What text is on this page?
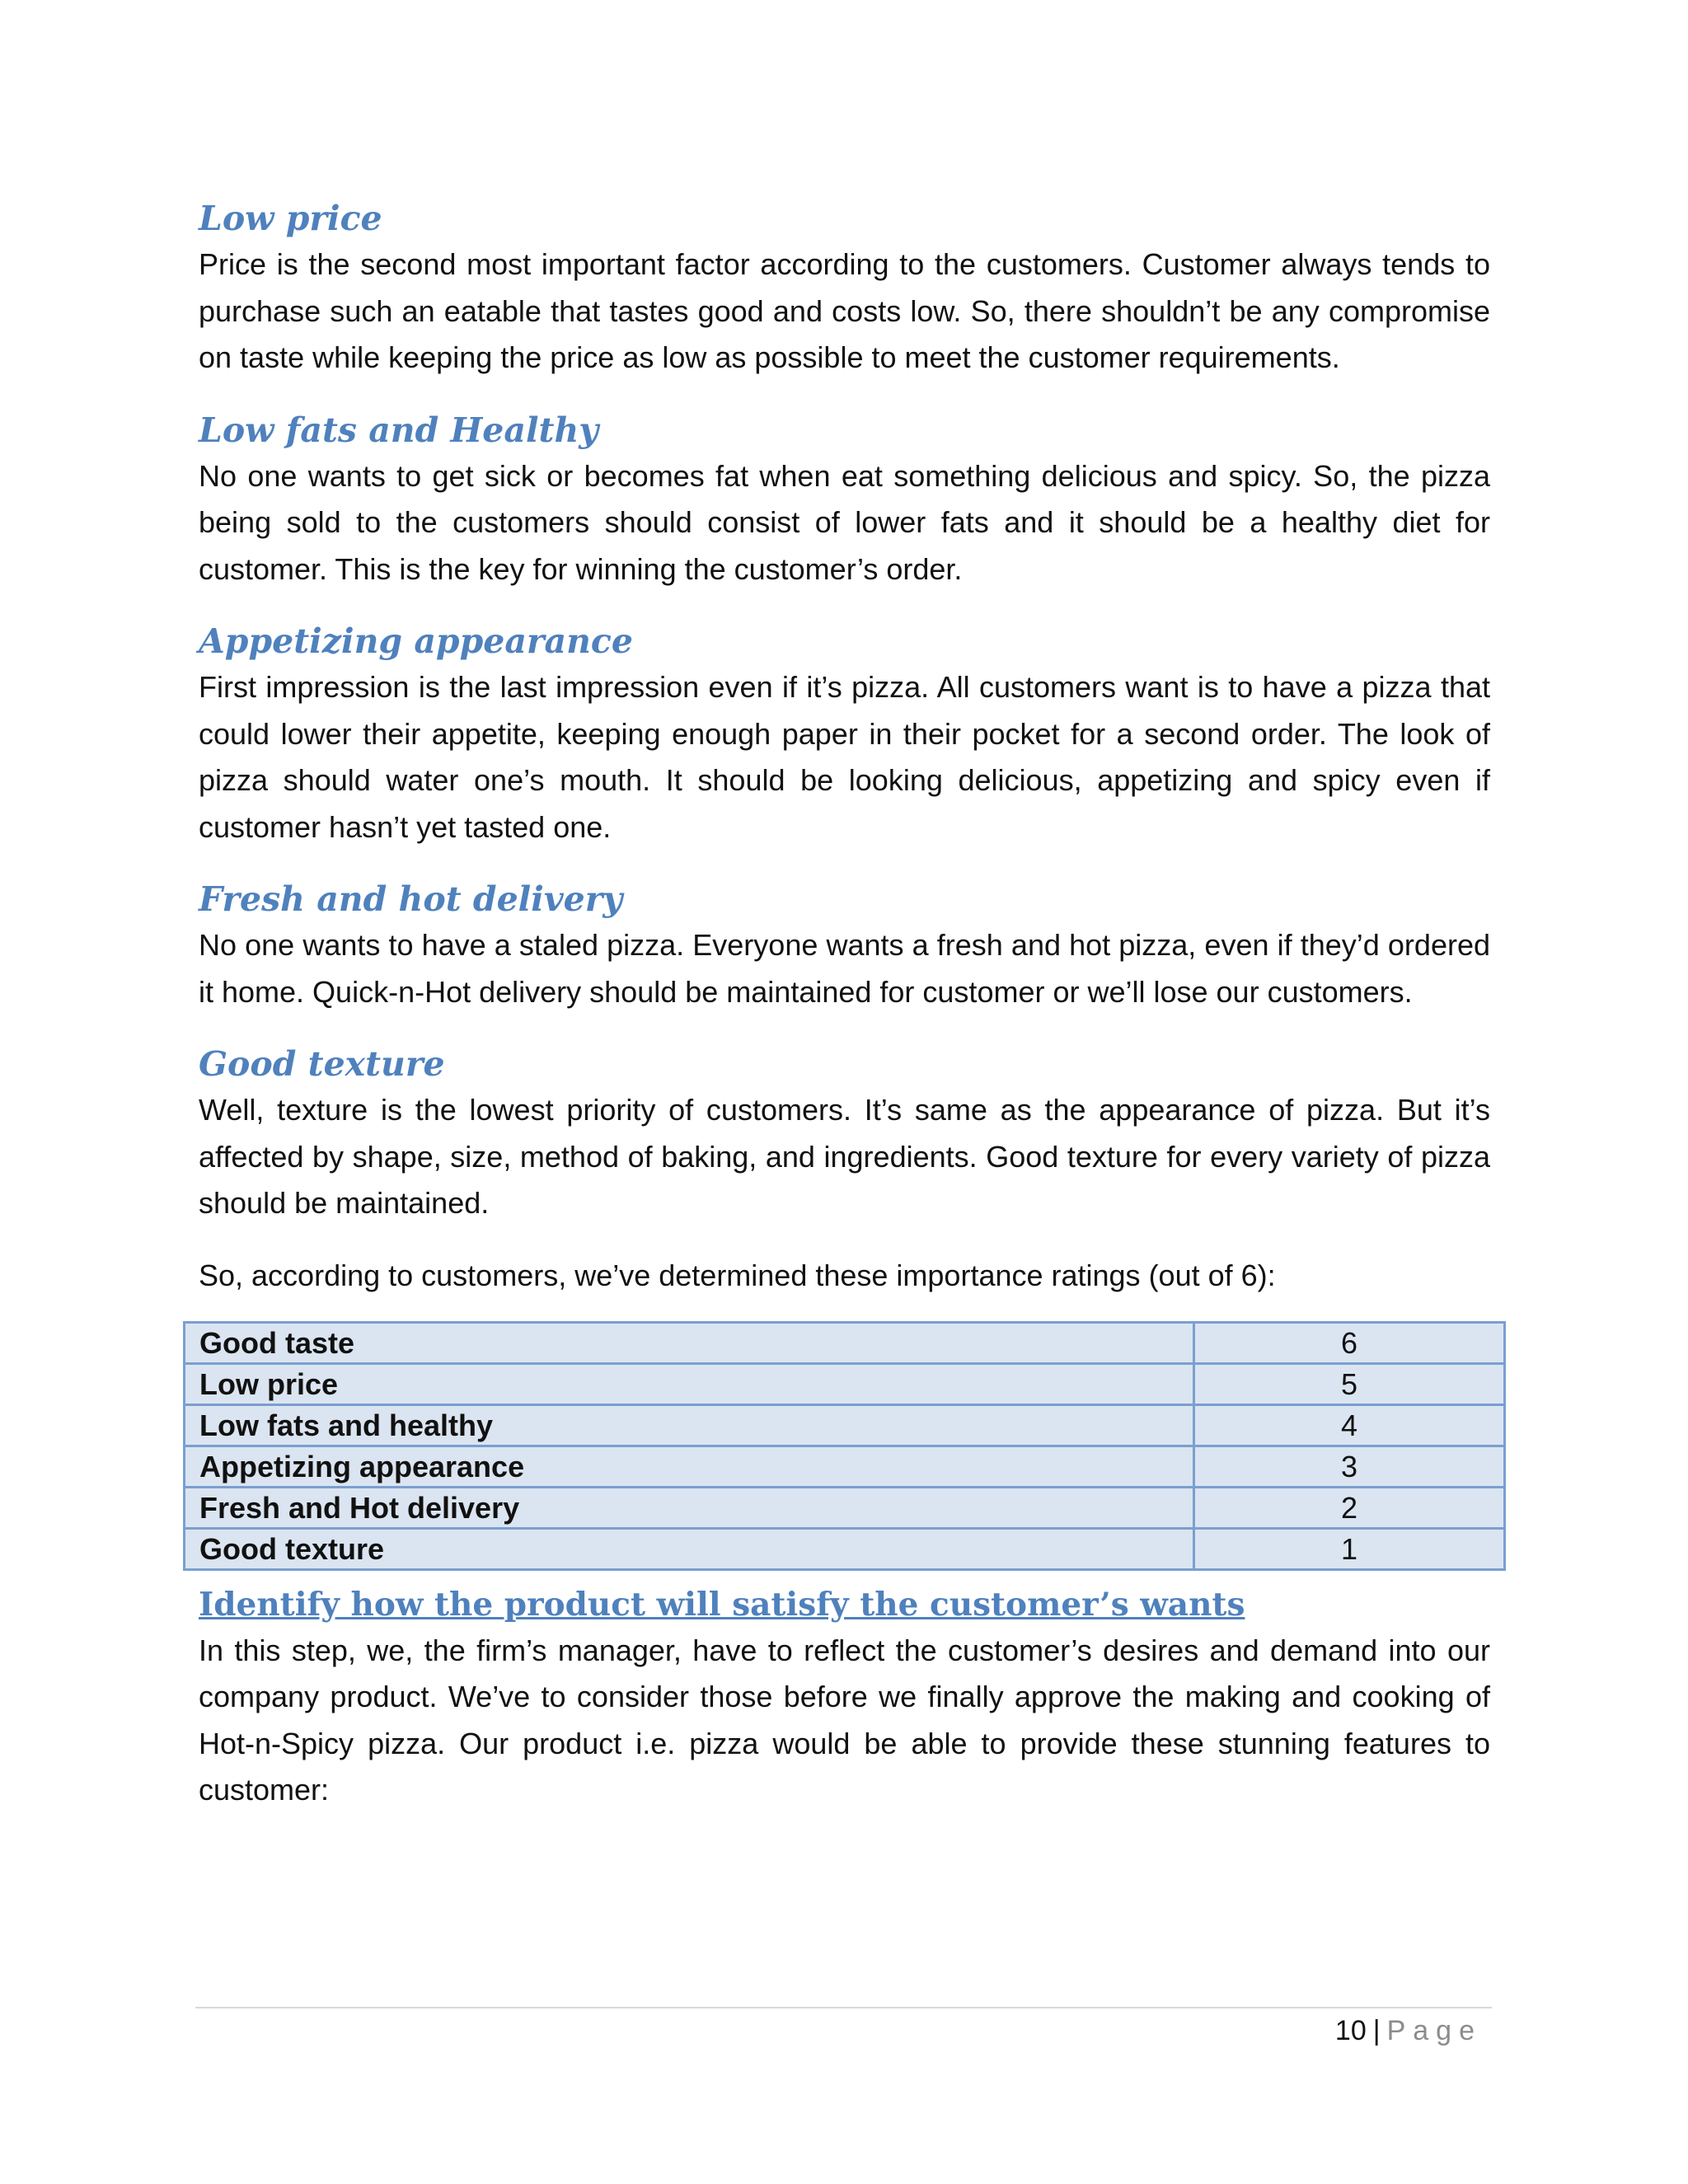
Low price

Price is the second most important factor according to the customers. Customer always tends to purchase such an eatable that tastes good and costs low. So, there shouldn’t be any compromise on taste while keeping the price as low as possible to meet the customer requirements.

Low fats and Healthy

No one wants to get sick or becomes fat when eat something delicious and spicy. So, the pizza being sold to the customers should consist of lower fats and it should be a healthy diet for customer. This is the key for winning the customer’s order.

Appetizing appearance

First impression is the last impression even if it’s pizza. All customers want is to have a pizza that could lower their appetite, keeping enough paper in their pocket for a second order. The look of pizza should water one’s mouth. It should be looking delicious, appetizing and spicy even if customer hasn’t yet tasted one.

Fresh and hot delivery

No one wants to have a staled pizza. Everyone wants a fresh and hot pizza, even if they’d ordered it home. Quick-n-Hot delivery should be maintained for customer or we’ll lose our customers.

Good texture

Well, texture is the lowest priority of customers. It’s same as the appearance of pizza. But it’s affected by shape, size, method of baking, and ingredients. Good texture for every variety of pizza should be maintained.

So, according to customers, we’ve determined these importance ratings (out of 6):

Good taste	6
Low price	5
Low fats and healthy	4
Appetizing appearance	3
Fresh and Hot delivery	2
Good texture	1
Identify how the product will satisfy the customer’s wants

In this step, we, the firm’s manager, have to reflect the customer’s desires and demand into our company product. We’ve to consider those before we finally approve the making and cooking of Hot-n-Spicy pizza. Our product i.e. pizza would be able to provide these stunning features to customer:

10 | Page
